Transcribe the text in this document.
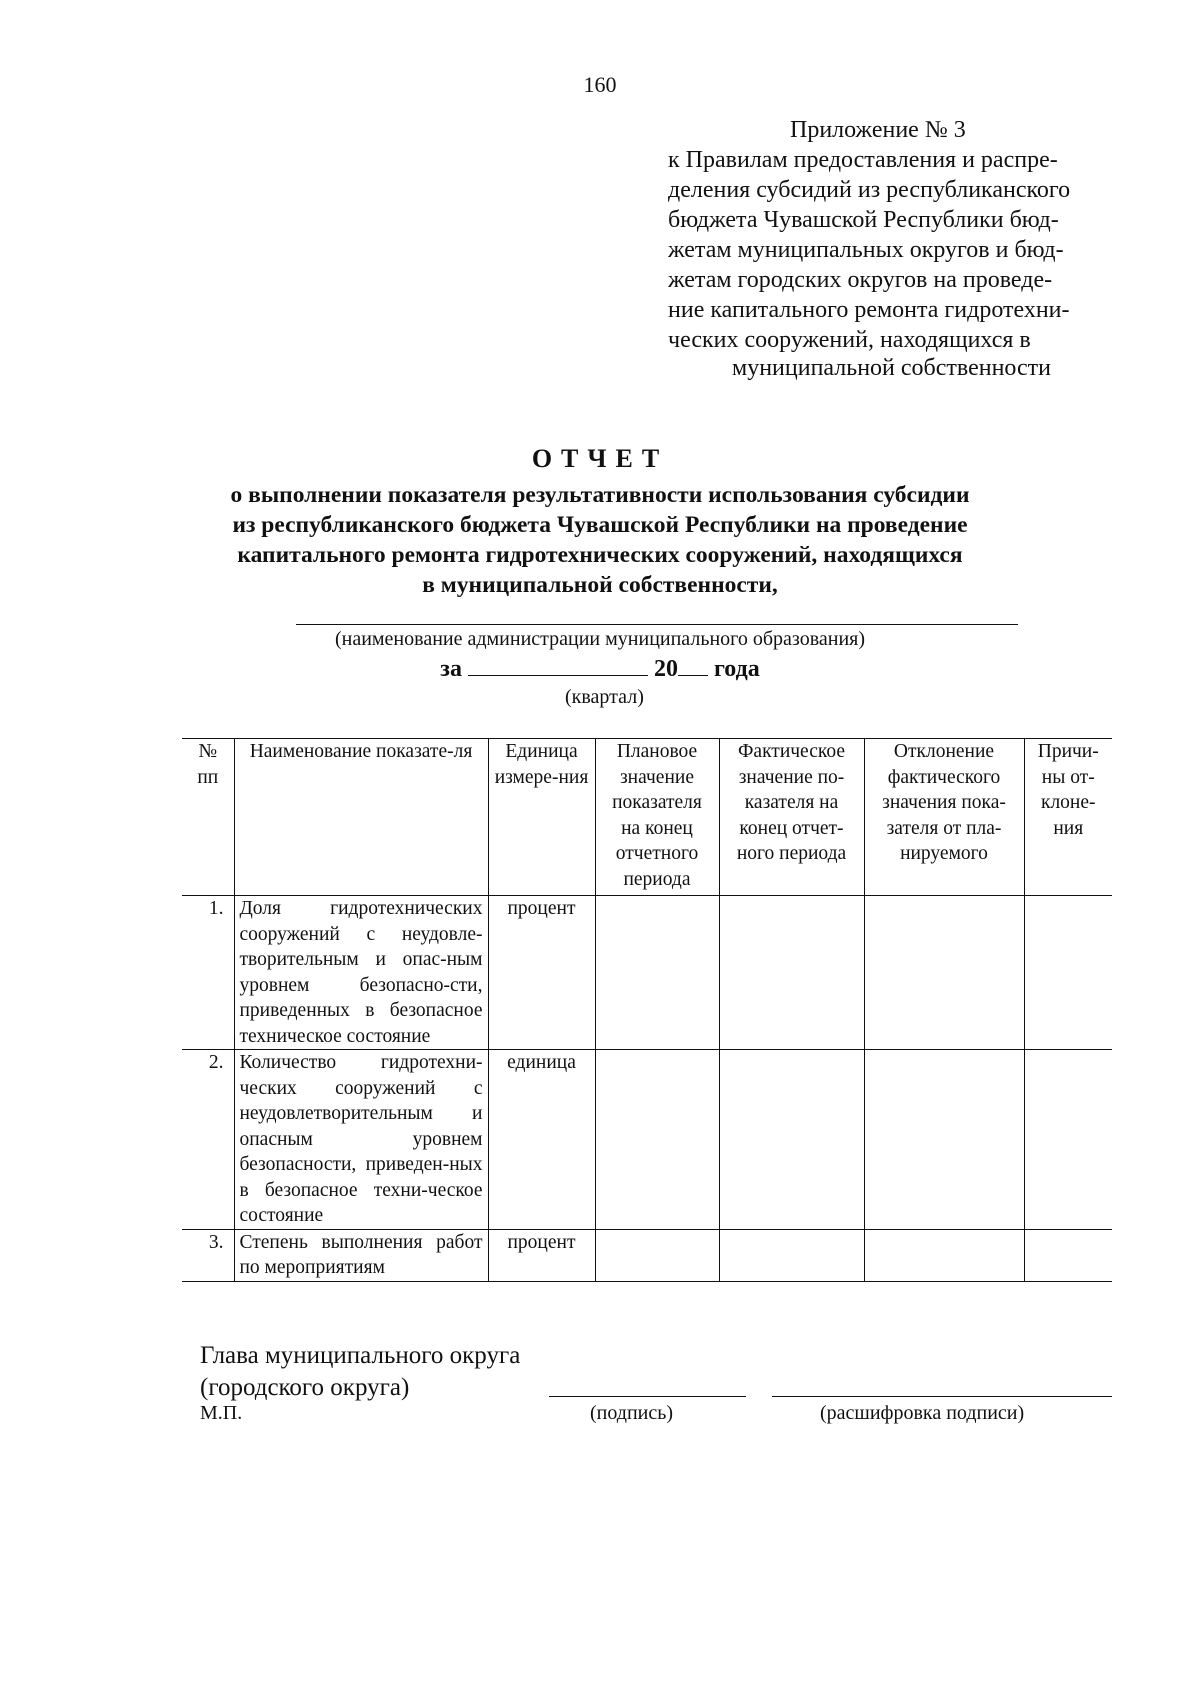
160
Приложение № 3
к Правилам предоставления и распре-
деления субсидий из республиканского
бюджета Чувашской Республики бюд-
жетам муниципальных округов и бюд-
жетам городских округов на проведе-
ние капитального ремонта гидротехни-
ческих сооружений, находящихся в
муниципальной собственности
ОТЧЕТ
о выполнении показателя результативности использования субсидии
из республиканского бюджета Чувашской Республики на проведение
капитального ремонта гидротехнических сооружений, находящихся
в муниципальной собственности,
(наименование администрации муниципального образования)
за	20 года
(квартал)
№ пп	Наименование показате-ля	Единица измере-ния	Плановое значение показателя на конец отчетного периода	Фактическое значение по-казателя на конец отчет-ного периода	Отклонение фактического значения пока-зателя от пла-нируемого	Причи-ны от-клоне-ния
1.	Доля гидротехнических сооружений с неудовле-творительным и опас-ным уровнем безопасно-сти, приведенных в безопасное техническое состояние	процент				
2.	Количество гидротехни-ческих сооружений с неудовлетворительным и опасным уровнем безопасности, приведен-ных в безопасное техни-ческое состояние	единица				
3.	Степень выполнения работ по мероприятиям	процент				
Глава муниципального округа
(городского округа)
М.П.	(подпись)	(расшифровка подписи)
